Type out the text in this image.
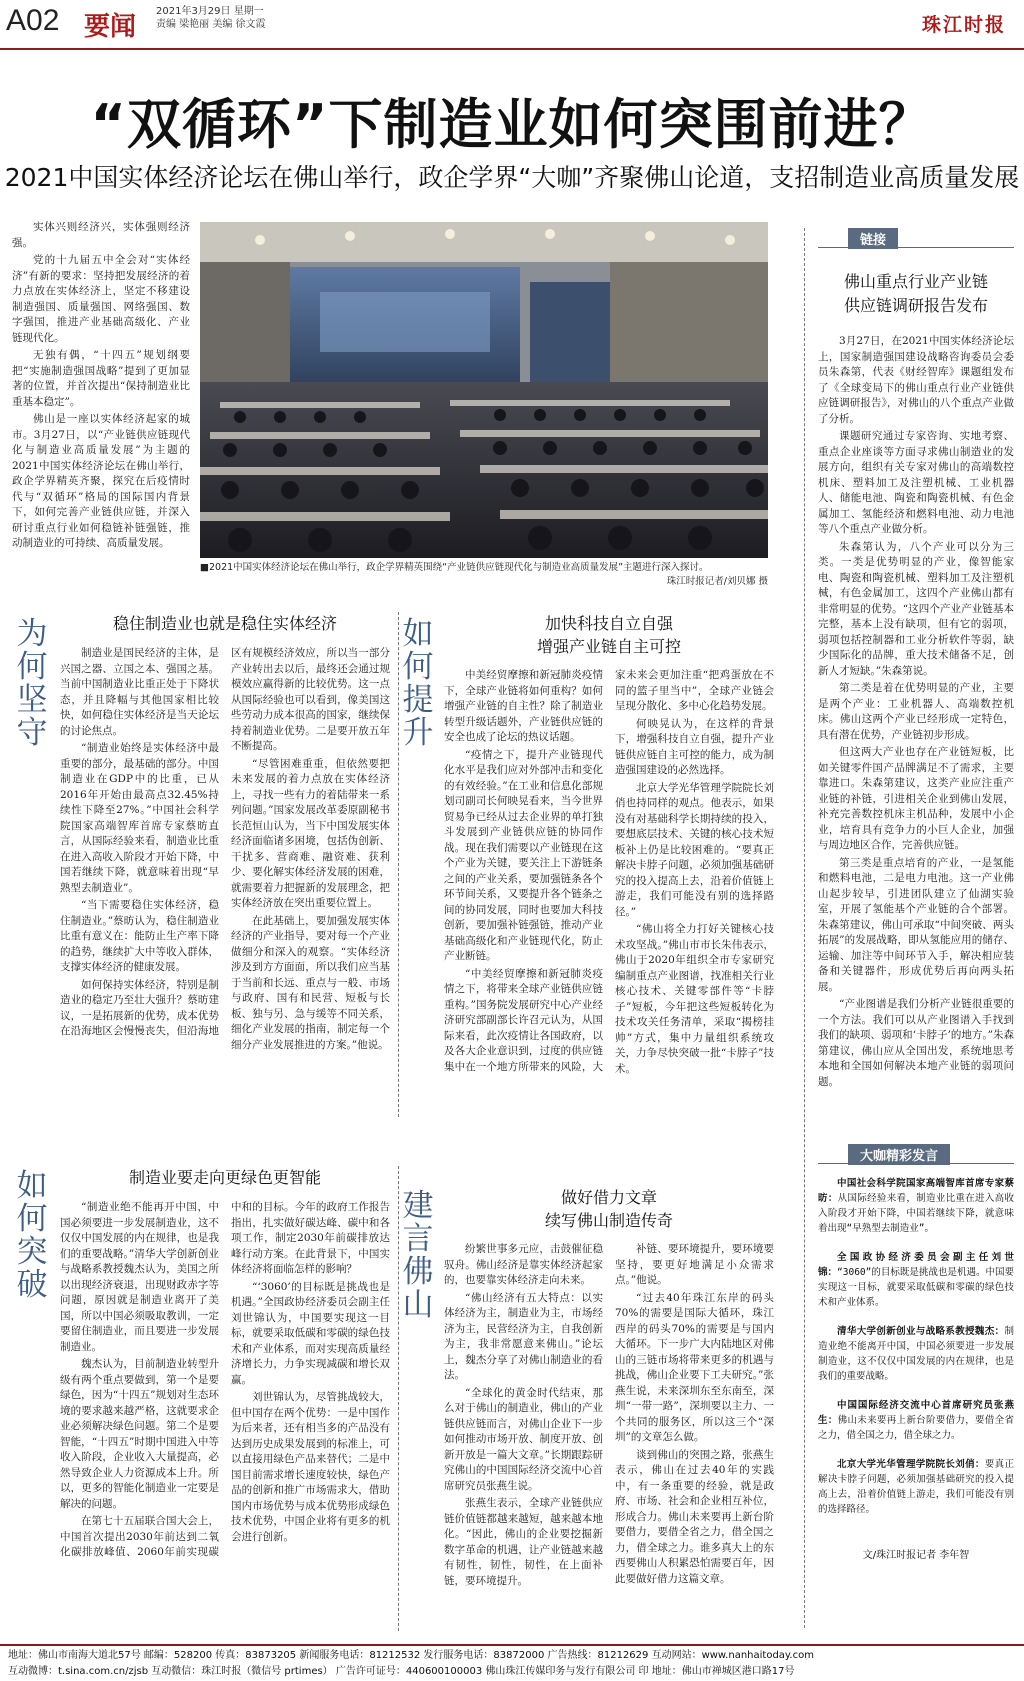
A02 要闻
2021年3月29日 星期一
责编 梁艳丽 美编 徐文霞	珠江时报
“双循环”下制造业如何突围前进？
2021中国实体经济论坛在佛山举行，政企学界“大咖”齐聚佛山论道，支招制造业高质量发展

实体兴则经济兴，实体强则经济强。

党的十九届五中全会对“实体经济”有新的要求：坚持把发展经济的着力点放在实体经济上，坚定不移建设制造强国、质量强国、网络强国、数字强国，推进产业基础高级化、产业链现代化。

无独有偶，“十四五”规划纲要把“实施制造强国战略”提到了更加显著的位置，并首次提出“保持制造业比重基本稳定”。

佛山是一座以实体经济起家的城市。3月27日，以“产业链供应链现代化与制造业高质量发展”为主题的2021中国实体经济论坛在佛山举行，政企学界精英齐聚，探究在后疫情时代与“双循环”格局的国际国内背景下，如何完善产业链供应链，并深入研讨重点行业如何稳链补链强链，推动制造业的可持续、高质量发展。

■2021中国实体经济论坛在佛山举行，政企学界精英围绕“产业链供应链现代化与制造业高质量发展”主题进行深入探讨。
珠江时报记者/刘贝娜 摄
为何坚守
稳住制造业也就是稳住实体经济

制造业是国民经济的主体，是兴国之器、立国之本、强国之基。当前中国制造业比重正处于下降状态，并且降幅与其他国家相比较快，如何稳住实体经济是当天论坛的讨论焦点。

“制造业始终是实体经济中最重要的部分，最基础的部分。中国制造业在GDP中的比重，已从2016年开始由最高点32.45%持续性下降至27%。”中国社会科学院国家高端智库首席专家蔡昉直言，从国际经验来看，制造业比重在进入高收入阶段才开始下降，中国若继续下降，就意味着出现“早熟型去制造业”。

“当下需要稳住实体经济，稳住制造业。”蔡昉认为，稳住制造业比重有意义在：能防止生产率下降的趋势，继续扩大中等收入群体，支撑实体经济的健康发展。

如何保持实体经济，特别是制造业的稳定乃至壮大强升？蔡昉建议，一是拓展新的优势，成本优势在沿海地区会慢慢丧失，但沿海地区有规模经济效应，所以当一部分产业转出去以后，最终还会通过规模效应赢得新的比较优势。这一点从国际经验也可以看到，像美国这些劳动力成本很高的国家，继续保持着制造业优势。二是要开放五年不断提高。

“尽管困难重重，但依然要把未来发展的着力点放在实体经济上，寻找一些有力的着陆带来一系列问题。”国家发展改革委原副秘书长范恒山认为，当下中国发展实体经济面临诸多困境，包括伪创新、干扰多、营商难、融资难、获利少、要化解实体经济发展的困难，就需要着力把握新的发展理念，把实体经济放在突出重要位置上。

在此基础上，要加强发展实体经济的产业指导，要对每一个产业做细分和深入的观察。“实体经济涉及到方方面面，所以我们应当基于当前和长远、重点与一般、市场与政府、国有和民营、短板与长板、独与另、急与缓等不同关系，细化产业发展的指南，制定每一个细分产业发展推进的方案。”他说。

如何提升
加快科技自立自强
增强产业链自主可控

中美经贸摩擦和新冠肺炎疫情下，全球产业链将如何重构？如何增强产业链的自主性？除了制造业转型升级话题外，产业链供应链的安全也成了论坛的热议话题。

“疫情之下，提升产业链现代化水平是我们应对外部冲击和变化的有效经验。”在工业和信息化部规划司副司长何映晃看来，当今世界贸易争已经从过去企业界的单打独斗发展到产业链供应链的协同作战。现在我们需要以产业链现在这个产业为关键，要关注上下游链条之间的产业关系，要加强链条各个环节间关系，又要提升各个链条之间的协同发展，同时也要加大科技创新，要加强补链强链，推动产业基础高级化和产业链现代化，防止产业断链。

“中美经贸摩擦和新冠肺炎疫情之下，将带来全球产业链供应链重构。”国务院发展研究中心产业经济研究部副部长许召元认为，从国际来看，此次疫情让各国政府，以及各大企业意识到，过度的供应链集中在一个地方所带来的风险，大家未来会更加注重“把鸡蛋放在不同的篮子里当中”，全球产业链会呈现分散化、多中心化趋势发展。

何映晃认为，在这样的背景下，增强科技自立自强，提升产业链供应链自主可控的能力，成为制造强国建设的必然选择。

北京大学光华管理学院院长刘俏也持同样的观点。他表示，如果没有对基础科学长期持续的投入，要想底层技术、关键的核心技术短板补上仍是比较困难的。“要真正解决卡脖子问题，必须加强基础研究的投入提高上去，沿着价值链上游走，我们可能没有别的选择路径。”

“佛山将全力打好关键核心技术攻坚战。”佛山市市长朱伟表示，佛山于2020年组织全市专家研究编制重点产业图谱，找准相关行业核心技术、关键零部件等“卡脖子”短板，今年把这些短板转化为技术攻关任务清单，采取“揭榜挂帅”方式，集中力量组织系统攻关，力争尽快突破一批“卡脖子”技术。

如何突破
制造业要走向更绿色更智能

“制造业绝不能再开中国，中国必须要进一步发展制造业，这不仅仅中国发展的内在规律，也是我们的重要战略。”清华大学创新创业与战略系教授魏杰认为，美国之所以出现经济衰退，出现财政赤字等问题，原因就是制造业离开了美国，所以中国必须吸取教训，一定要留住制造业，而且要进一步发展制造业。

魏杰认为，目前制造业转型升级有两个重点要做到，第一个是要绿色，因为“十四五”规划对生态环境的要求越来越严格，这就要求企业必须解决绿色问题。第二个是要智能，“十四五”时期中国进入中等收入阶段，企业收入大量提高，必然导致企业人力资源成本上升。所以，更多的智能化制造业一定要是解决的问题。

在第七十五届联合国大会上，中国首次提出2030年前达到二氧化碳排放峰值、2060年前实现碳中和的目标。今年的政府工作报告指出，扎实做好碳达峰、碳中和各项工作，制定2030年前碳排放达峰行动方案。在此背景下，中国实体经济将面临怎样的影响？

“‘3060’的目标既是挑战也是机遇。”全国政协经济委员会副主任刘世锦认为，中国要实现这一目标，就要采取低碳和零碳的绿色技术和产业体系，而对实现高质量经济增长力，力争实现减碳和增长双赢。

刘世锦认为，尽管挑战较大，但中国存在两个优势：一是中国作为后来者，还有相当多的产品没有达到历史成果发展到的标准上，可以直接用绿色产品来替代；二是中国目前需求增长速度较快，绿色产品的创新和推广市场需求大，借助国内市场优势与成本优势形成绿色技术优势，中国企业将有更多的机会进行创新。

建言佛山
做好借力文章
续写佛山制造传奇

纷繁世事多元应，击鼓催征稳驭舟。佛山经济是靠实体经济起家的，也要靠实体经济走向未来。

“佛山经济有五大特点：以实体经济为主，制造业为主，市场经济为主，民营经济为主，自我创新为主，我非常愿意来佛山。”论坛上，魏杰分享了对佛山制造业的看法。

“全球化的黄金时代结束，那么对于佛山的制造业，佛山的产业链供应链而言，对佛山企业下一步如何推动市场开放、制度开放、创新开放是一篇大文章。”长期跟踪研究佛山的中国国际经济交流中心首席研究员张燕生说。

张燕生表示，全球产业链供应链价值链都越来越短，越来越本地化。“因此，佛山的企业要挖掘新数字革命的机遇，让产业链越来越有韧性，韧性，韧性，在上面补链，要环境提升。

补链、要环境提升，要环境要坚持，要更好地满足小众需求点。”他说。

“过去40年珠江东岸的码头70%的需要是国际大循环，珠江西岸的码头70%的需要是与国内大循环。下一步广大内陆地区对佛山的三链市场将带来更多的机遇与挑战，佛山企业要下工夫研究。”张燕生说，未来深圳东至东南至，深圳“一带一路”，深圳要以主力、一个共同的服务区，所以这三个“深圳”的文章怎么做。

谈到佛山的突围之路，张燕生表示，佛山在过去40年的实践中，有一条重要的经验，就是政府、市场、社会和企业相互补位，形成合力。佛山未来要再上新台阶要借力，要借全省之力，借全国之力，借全球之力。谁多真大上的东西要佛山人积累恐怕需要百年，因此要做好借力这篇文章。

链接
佛山重点行业产业链
供应链调研报告发布

3月27日，在2021中国实体经济论坛上，国家制造强国建设战略咨询委员会委员朱森第，代表《财经智库》课题组发布了《全球变局下的佛山重点行业产业链供应链调研报告》，对佛山的八个重点产业做了分析。

课题研究通过专家咨询、实地考察、重点企业座谈等方面寻求佛山制造业的发展方向，组织有关专家对佛山的高端数控机床、塑料加工及注塑机械、工业机器人、储能电池、陶瓷和陶瓷机械、有色金属加工、氢能经济和燃料电池、动力电池等八个重点产业做分析。

朱森第认为，八个产业可以分为三类。一类是优势明显的产业，像智能家电、陶瓷和陶瓷机械、塑料加工及注塑机械，有色金属加工，这四个产业佛山都有非常明显的优势。“这四个产业产业链基本完整，基本上没有缺项，但有它的弱项，弱项包括控制器和工业分析软件等弱，缺少国际化的品牌，重大技术储备不足，创新人才短缺。”朱森第说。

第二类是着在优势明显的产业，主要是两个产业：工业机器人、高端数控机床。佛山这两个产业已经形成一定特色，具有潜在优势，产业链初步形成。

但这两大产业也存在产业链短板，比如关键零件国产品牌满足不了需求，主要靠进口。朱森第建议，这类产业应注重产业链的补链，引进相关企业到佛山发展，补充完善数控机床主机品种，发展中小企业，培育具有竞争力的小巨人企业，加强与周边地区合作，完善供应链。

第三类是重点培育的产业，一是氢能和燃料电池，二是电力电池。这一产业佛山起步较早，引进团队建立了仙湖实验室，开展了氢能基个产业链的合个部署。朱森第建议，佛山可承取“中间突破、两头拓展”的发展战略，即从氢能应用的储存、运输、加注等中间环节入手，解决相应装备和关键器件，形成优势后再向两头拓展。

“产业图谱是我们分析产业链很重要的一个方法。我们可以从产业图谱入手找到我们的缺项、弱项和‘卡脖子’的地方。”朱森第建议，佛山应从全国出发，系统地思考本地和全国如何解决本地产业链的弱项问题。

大咖精彩发言
中国社会科学院国家高端智库首席专家蔡昉：从国际经验来看，制造业比重在进入高收入阶段才开始下降，中国若继续下降，就意味着出现“早熟型去制造业”。
全国政协经济委员会副主任刘世锦：“3060”的目标既是挑战也是机遇。中国要实现这一目标，就要采取低碳和零碳的绿色技术和产业体系。
清华大学创新创业与战略系教授魏杰：制造业绝不能离开中国，中国必须要进一步发展制造业，这不仅仅中国发展的内在规律，也是我们的重要战略。
中国国际经济交流中心首席研究员张燕生：佛山未来要再上新台阶要借力，要借全省之力，借全国之力，借全球之力。
北京大学光华管理学院院长刘俏：要真正解决卡脖子问题，必须加强基础研究的投入提高上去，沿着价值链上游走，我们可能没有别的选择路径。
文/珠江时报记者 李年智
地址：佛山市南海大道北57号 邮编：528200 传真：83873205 新闻服务电话：81212532 发行服务电话：83872000 广告热线：81212629 互动网站：www.nanhaitoday.com
互动微博：t.sina.com.cn/zjsb 互动微信：珠江时报（微信号 prtimes） 广告许可证号：440600100003 佛山珠江传媒印务与发行有限公司 印 地址：佛山市禅城区港口路17号
